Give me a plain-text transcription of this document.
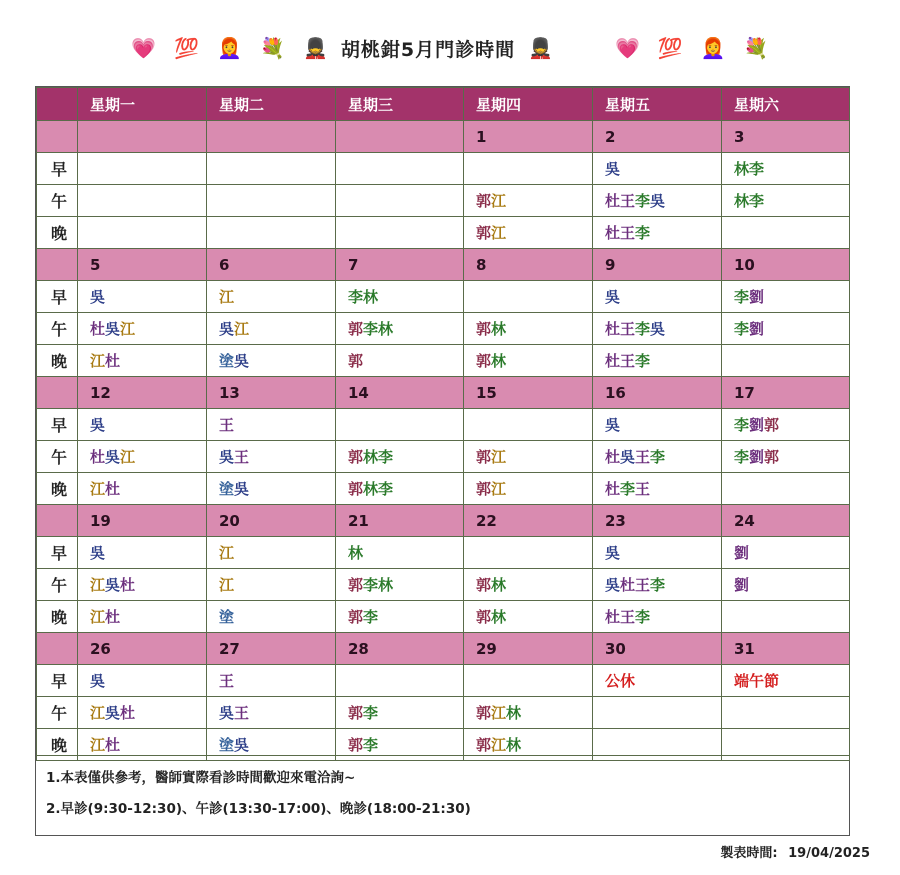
💗 💯 👩‍🦰 💐 💂 胡桃鉗5月門診時間 💂	💗 💯 👩‍🦰 💐
	星期一	星期二	星期三	星期四	星期五	星期六
				1	2	3
早					吳	林李
午				郭江	杜王李吳	林李
晚				郭江	杜王李	
	5	6	7	8	9	10
早	吳	江	李林		吳	李劉
午	杜吳江	吳江	郭李林	郭林	杜王李吳	李劉
晚	江杜	塗吳	郭	郭林	杜王李	
	12	13	14	15	16	17
早	吳	王			吳	李劉郭
午	杜吳江	吳王	郭林李	郭江	杜吳王李	李劉郭
晚	江杜	塗吳	郭林李	郭江	杜李王	
	19	20	21	22	23	24
早	吳	江	林		吳	劉
午	江吳杜	江	郭李林	郭林	吳杜王李	劉
晚	江杜	塗	郭李	郭林	杜王李	
	26	27	28	29	30	31
早	吳	王			公休	端午節
午	江吳杜	吳王	郭李	郭江林		
晚	江杜	塗吳	郭李	郭江林		
1.本表僅供參考，醫師實際看診時間歡迎來電洽詢~
2.早診(9:30-12:30)、午診(13:30-17:00)、晚診(18:00-21:30)
製表時間: 19/04/2025
